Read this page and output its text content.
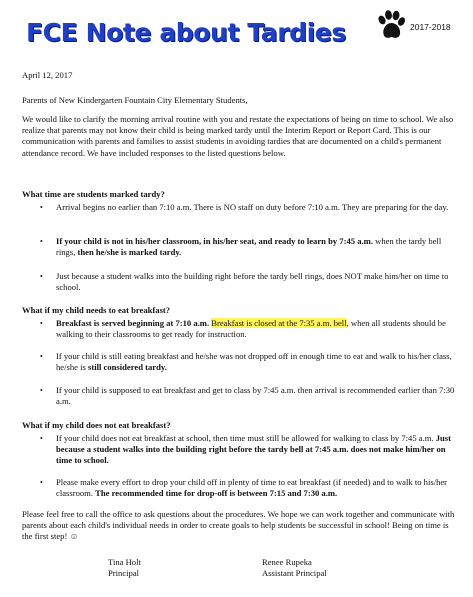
FCE Note about Tardies	2017-2018
April 12, 2017
Parents of New Kindergarten Fountain City Elementary Students,
We would like to clarify the morning arrival routine with you and restate the expectations of being on time to school. We also realize that parents may not know their child is being marked tardy until the Interim Report or Report Card. This is our communication with parents and families to assist students in avoiding tardies that are documented on a child's permanent attendance record. We have included responses to the listed questions below.
What time are students marked tardy?
• Arrival begins no earlier than 7:10 a.m. There is NO staff on duty before 7:10 a.m. They are preparing for the day.
• If your child is not in his/her classroom, in his/her seat, and ready to learn by 7:45 a.m. when the tardy bell rings, then he/she is marked tardy.
• Just because a student walks into the building right before the tardy bell rings, does NOT make him/her on time to school.
What if my child needs to eat breakfast?
• Breakfast is served beginning at 7:10 a.m. Breakfast is closed at the 7:35 a.m. bell, when all students should be walking to their classrooms to get ready for instruction.
• If your child is still eating breakfast and he/she was not dropped off in enough time to eat and walk to his/her class, he/she is still considered tardy.
• If your child is supposed to eat breakfast and get to class by 7:45 a.m. then arrival is recommended earlier than 7:30 a.m.
What if my child does not eat breakfast?
• If your child does not eat breakfast at school, then time must still be allowed for walking to class by 7:45 a.m. Just because a student walks into the building right before the tardy bell at 7:45 a.m. does not make him/her on time to school.
• Please make every effort to drop your child off in plenty of time to eat breakfast (if needed) and to walk to his/her classroom. The recommended time for drop-off is between 7:15 and 7:30 a.m.
Please feel free to call the office to ask questions about the procedures. We hope we can work together and communicate with parents about each child's individual needs in order to create goals to help students be successful in school! Being on time is the first step! ☺
Tina Holt
Principal
Renee Rupeka
Assistant Principal
